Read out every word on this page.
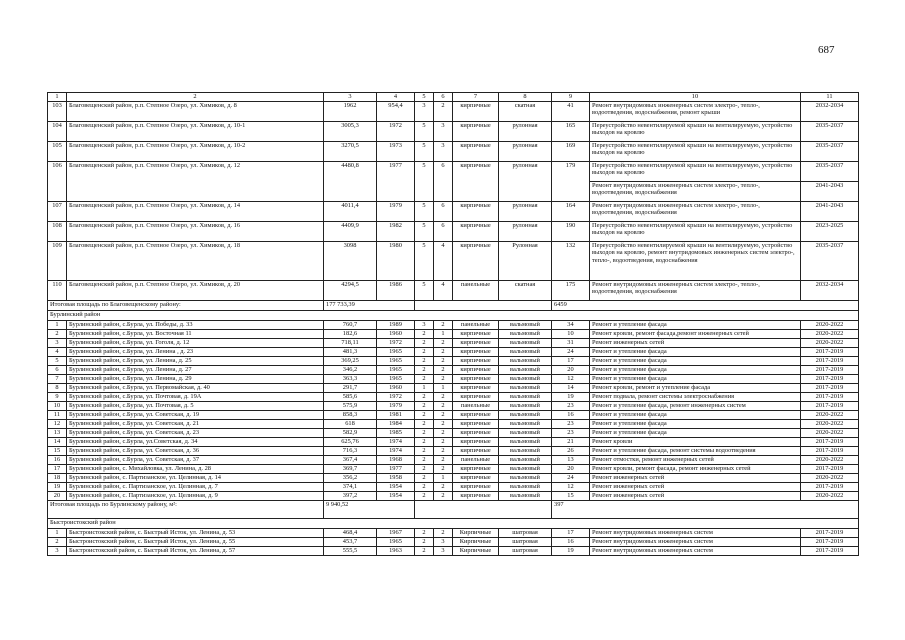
687
1	2	3	4	5	6	7	8	9	10	11
103	Благовещенский район, р.п. Степное Озеро, ул. Химиков, д. 8	1962	954,4	3	2	кирпичные	скатная	41	Ремонт внутридомовых инженерных систем электро-, тепло-, водоотведения, водоснабжения, ремонт крыши	2032-2034
104	Благовещенский район, р.п. Степное Озеро, ул. Химиков, д. 10-1	3005,3	1972	5	3	кирпичные	рулонная	165	Переустройство невентилируемой крыши на вентилируемую, устройство выходов на кровлю	2035-2037
105	Благовещенский район, р.п. Степное Озеро, ул. Химиков, д. 10-2	3270,5	1973	5	3	кирпичные	рулонная	169	Переустройство невентилируемой крыши на вентилируемую, устройство выходов на кровлю	2035-2037
106	Благовещенский район, р.п. Степное Озеро, ул. Химиков, д. 12	4480,8	1977	5	6	кирпичные	рулонная	179	Переустройство невентилируемой крыши на вентилируемую, устройство выходов на кровлю	2035-2037
									Ремонт внутридомовых инженерных систем электро-, тепло-, водоотведения, водоснабжения	2041-2043
107	Благовещенский район, р.п. Степное Озеро, ул. Химиков, д. 14	4011,4	1979	5	6	кирпичные	рулонная	164	Ремонт внутридомовых инженерных систем электро-, тепло-, водоотведения, водоснабжения	2041-2043
108	Благовещенский район, р.п. Степное Озеро, ул. Химиков, д. 16	4409,9	1982	5	6	кирпичные	рулонная	190	Переустройство невентилируемой крыши на вентилируемую, устройство выходов на кровлю	2023-2025
109	Благовещенский район, р.п. Степное Озеро, ул. Химиков, д. 18	3098	1980	5	4	кирпичные	Рулонная	132	Переустройство невентилируемой крыши на вентилируемую, устройство выходов на кровлю, ремонт внутридомовых инженерных систем электро-, тепло-, водоотведения, водоснабжения	2035-2037
110	Благовещенский район, р.п. Степное Озеро, ул. Химиков, д. 20	4294,5	1986	5	4	панельные	скатная	175	Ремонт внутридомовых инженерных систем электро-, тепло-, водоотведения, водоснабжения	2032-2034
Итоговая площадь по Благовещенскому району:		177 733,39						6459		
Бурлинский район										
1	Бурлинский район, с.Бурла, ул. Победы, д. 33	760,7	1989	3	2	панельные	вальмовый	34	Ремонт и утепление фасада	2020-2022
2	Бурлинский район, с.Бурла, ул. Восточная 11	182,6	1960	2	1	кирпичные	вальмовый	10	Ремонт кровли, ремонт фасада,ремонт инженерных сетей	2020-2022
3	Бурлинский район, с.Бурла, ул. Гоголя, д. 12	718,11	1972	2	2	кирпичные	вальмовый	31	Ремонт инженерных сетей	2020-2022
4	Бурлинский район, с.Бурла, ул. Ленина , д. 23	481,3	1965	2	2	кирпичные	вальмовый	24	Ремонт и утепление фасада	2017-2019
5	Бурлинский район, с.Бурла, ул. Ленина, д. 25	369,25	1965	2	2	кирпичные	вальмовый	17	Ремонт и утепление фасада	2017-2019
6	Бурлинский район, с.Бурла, ул. Ленина, д. 27	346,2	1965	2	2	кирпичные	вальмовый	20	Ремонт и утепление фасада	2017-2019
7	Бурлинский район, с.Бурла, ул. Ленина, д. 29	363,3	1965	2	2	кирпичные	вальмовый	12	Ремонт и утепление фасада	2017-2019
8	Бурлинский район, с.Бурла, ул. Первомайская, д. 40	291,7	1960	1	1	кирпичные	вальмовый	14	Ремонт кровли, ремонт и утепление фасада	2017-2019
9	Бурлинский район, с.Бурла, ул. Почтовая, д. 19А	585,6	1972	2	2	кирпичные	вальмовый	19	Ремонт подвала, ремонт системы электроснабжения	2017-2019
10	Бурлинский район, с.Бурла, ул. Почтовая, д. 5	575,9	1979	2	2	панельные	вальмовый	23	Ремонт и утепление фасада, ремонт инженерных систем	2017-2019
11	Бурлинский район, с.Бурла, ул. Советская, д. 19	858,3	1981	2	2	кирпичные	вальмовый	16	Ремонт и утепление фасада	2020-2022
12	Бурлинский район, с.Бурла, ул. Советская, д. 21	618	1984	2	2	кирпичные	вальмовый	23	Ремонт и утепление фасада	2020-2022
13	Бурлинский район, с.Бурла, ул. Советская, д. 23	582,9	1985	2	2	кирпичные	вальмовый	23	Ремонт и утепление фасада	2020-2022
14	Бурлинский район, с.Бурла, ул.Советская, д. 34	625,76	1974	2	2	кирпичные	вальмовый	21	Ремонт кровли	2017-2019
15	Бурлинский район, с.Бурла, ул. Советская, д. 36	716,3	1974	2	2	кирпичные	вальмовый	26	Ремонт и утепление фасада, ремонт системы водоотведения	2017-2019
16	Бурлинский район, с.Бурла, ул. Советская, д. 37	367,4	1968	2	2	панельные	вальмовый	13	Ремонт отмостки, ремонт инженерных сетей	2020-2022
17	Бурлинский район, с. Михайловка, ул. Ленина, д. 28	369,7	1977	2	2	кирпичные	вальмовый	20	Ремонт кровли, ремонт фасада, ремонт инженерных сетей	2017-2019
18	Бурлинский район, с. Партизанское, ул. Целинная, д. 14	356,2	1958	2	1	кирпичные	вальмовый	24	Ремонт инженерных сетей	2020-2022
19	Бурлинский район, с. Партизанское, ул. Целинная, д. 7	374,1	1954	2	2	кирпичные	вальмовый	12	Ремонт инженерных сетей	2017-2019
20	Бурлинский район, с. Партизанское, ул. Целинная, д. 9	397,2	1954	2	2	кирпичные	вальмовый	15	Ремонт инженерных сетей	2020-2022
Итоговая площадь по Бурлинскому району, м²:		9 940,52						397		
Быстроистокский район										
1	Быстроистокский район, с. Быстрый Исток, ул. Ленина, д. 53	468,4	1967	2	2	Кирпичные	шатровая	17	Ремонт внутридомовых инженерных систем	2017-2019
2	Быстроистокский район, с. Быстрый Исток, ул. Ленина, д. 55	453,7	1965	2	3	Кирпичные	шатровая	16	Ремонт внутридомовых инженерных систем	2017-2019
3	Быстроистокский район, с. Быстрый Исток, ул. Ленина, д. 57	555,5	1963	2	3	Кирпичные	шатровая	19	Ремонт внутридомовых инженерных систем	2017-2019
